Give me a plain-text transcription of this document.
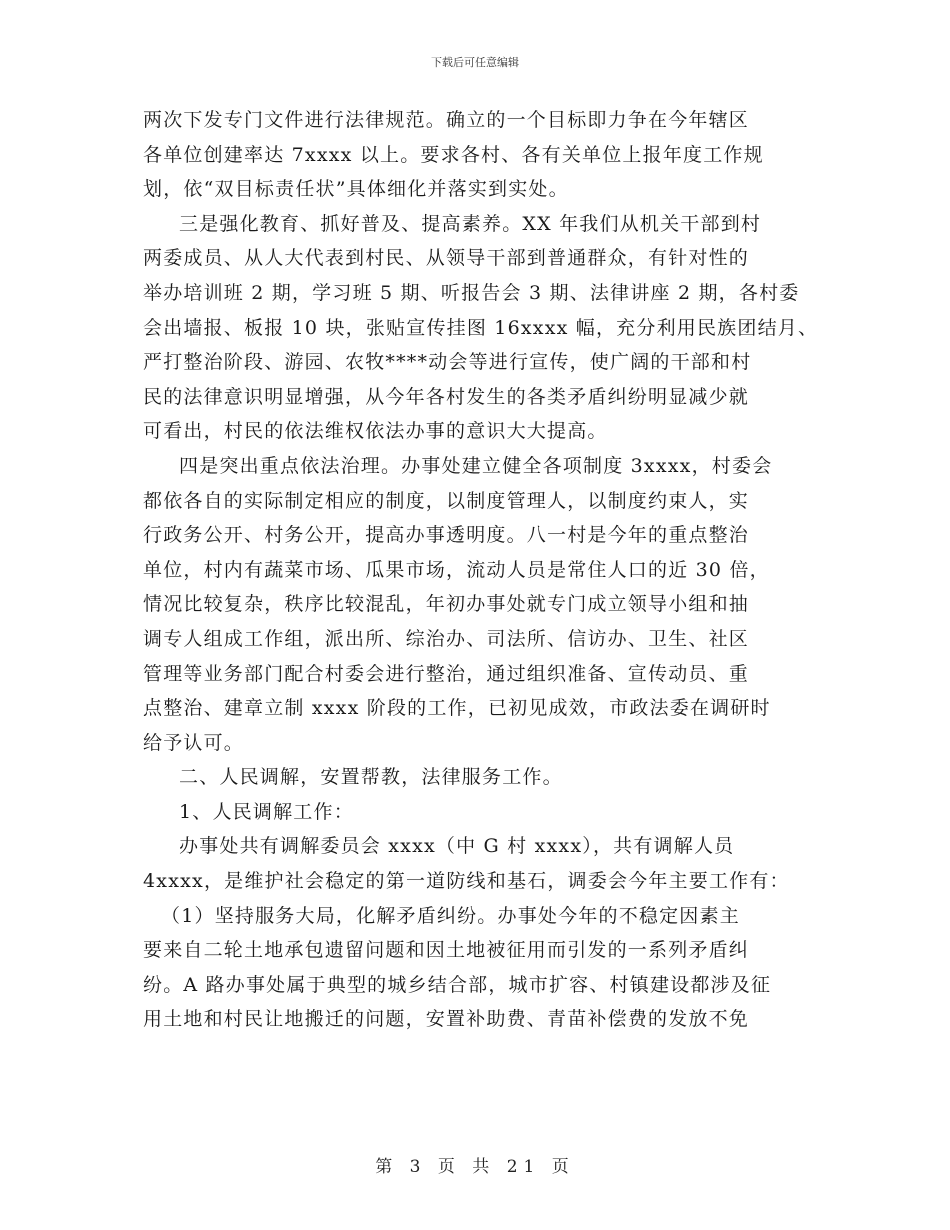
下载后可任意编辑
两次下发专门文件进行法律规范。确立的一个目标即力争在今年辖区
各单位创建率达 7xxxx 以上。要求各村、各有关单位上报年度工作规
划，依“双目标责任状”具体细化并落实到实处。
三是强化教育、抓好普及、提高素养。XX 年我们从机关干部到村
两委成员、从人大代表到村民、从领导干部到普通群众，有针对性的
举办培训班 2 期，学习班 5 期、听报告会 3 期、法律讲座 2 期，各村委
会出墙报、板报 10 块，张贴宣传挂图 16xxxx 幅，充分利用民族团结月、
严打整治阶段、游园、农牧****动会等进行宣传，使广阔的干部和村
民的法律意识明显增强，从今年各村发生的各类矛盾纠纷明显减少就
可看出，村民的依法维权依法办事的意识大大提高。
四是突出重点依法治理。办事处建立健全各项制度 3xxxx，村委会
都依各自的实际制定相应的制度，以制度管理人，以制度约束人，实
行政务公开、村务公开，提高办事透明度。八一村是今年的重点整治
单位，村内有蔬菜市场、瓜果市场，流动人员是常住人口的近 30 倍，
情况比较复杂，秩序比较混乱，年初办事处就专门成立领导小组和抽
调专人组成工作组，派出所、综治办、司法所、信访办、卫生、社区
管理等业务部门配合村委会进行整治，通过组织准备、宣传动员、重
点整治、建章立制 xxxx 阶段的工作，已初见成效，市政法委在调研时
给予认可。
二、人民调解，安置帮教，法律服务工作。
1、人民调解工作：
办事处共有调解委员会 xxxx（中 G 村 xxxx），共有调解人员
4xxxx，是维护社会稳定的第一道防线和基石，调委会今年主要工作有：
（1）坚持服务大局，化解矛盾纠纷。办事处今年的不稳定因素主
要来自二轮土地承包遗留问题和因土地被征用而引发的一系列矛盾纠
纷。A 路办事处属于典型的城乡结合部，城市扩容、村镇建设都涉及征
用土地和村民让地搬迁的问题，安置补助费、青苗补偿费的发放不免
第 3 页 共 21 页
